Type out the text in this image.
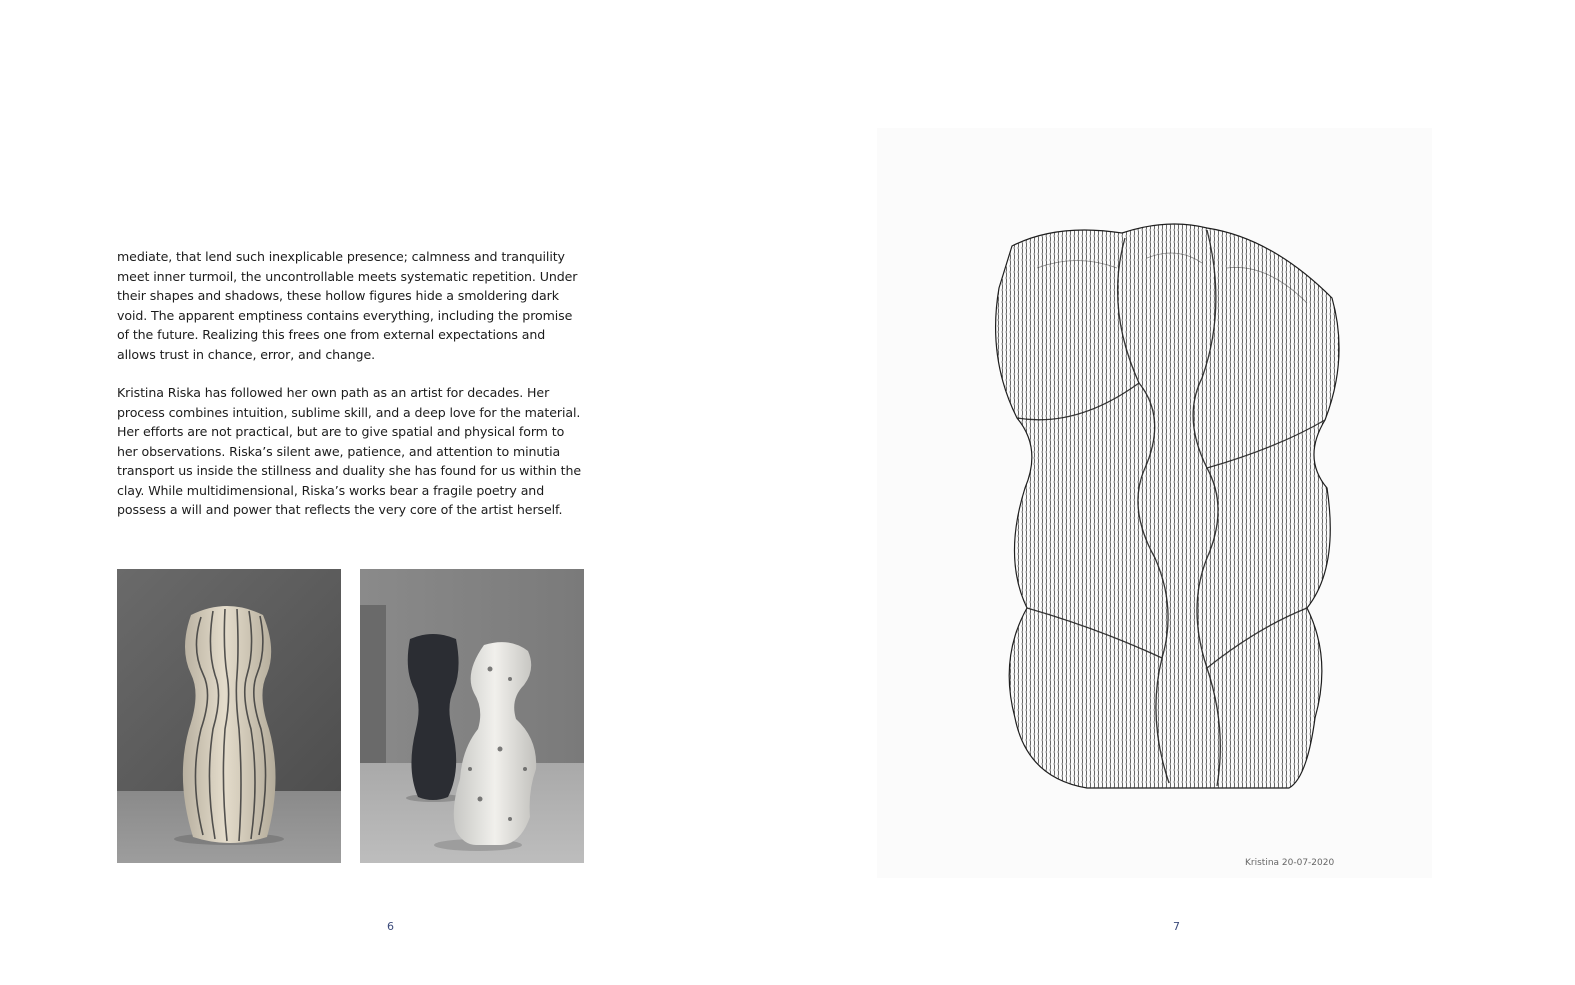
mediate, that lend such inexplicable presence; calmness and tranquility meet inner turmoil, the uncontrollable meets systematic repetition. Under their shapes and shadows, these hollow figures hide a smoldering dark void. The apparent emptiness contains everything, including the promise of the future. Realizing this frees one from external expectations and allows trust in chance, error, and change.

Kristina Riska has followed her own path as an artist for decades. Her process combines intuition, sublime skill, and a deep love for the material. Her efforts are not practical, but are to give spatial and physical form to her observations. Riska’s silent awe, patience, and attention to minutia transport us inside the stillness and duality she has found for us within the clay. While multidimensional, Riska’s works bear a fragile poetry and possess a will and power that reflects the very core of the artist herself.

6
Kristina 20-07-2020
7
